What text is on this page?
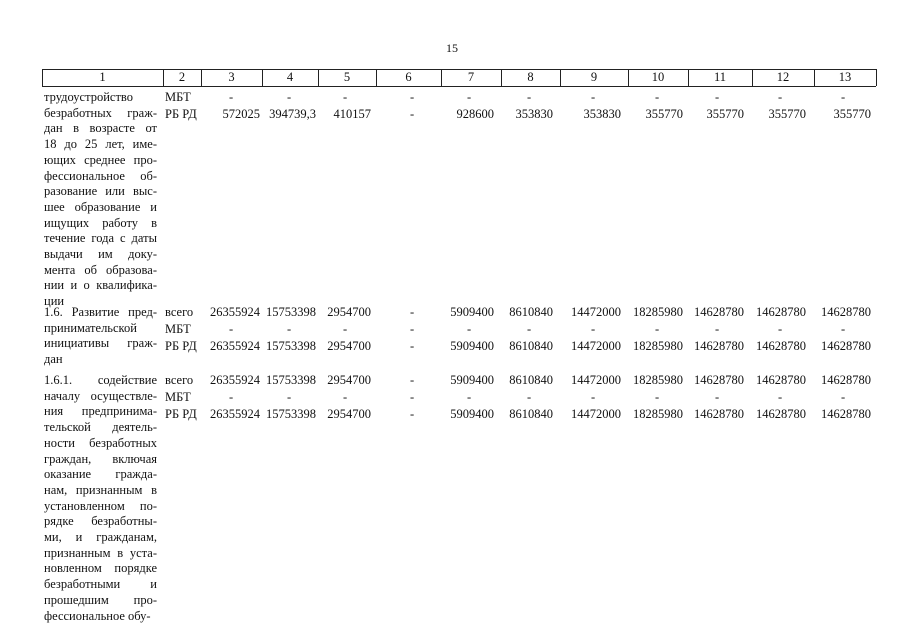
15
1	2	3	4	5	6	7	8	9	10	11	12	13
трудоустройство
безработных граж-
дан в возрасте от
18 до 25 лет, име-
ющих среднее про-
фессиональное об-
разование или выс-
шее образование и
ищущих работу в
течение года с даты
выдачи им доку-
мента об образова-
нии и о квалифика-
ции
МБТ	-	-	-	-	-	-	-	-	-	-	-
РБ РД 572025 394739,3 410157	-	928600 353830 353830 355770 355770 355770 355770
1.6. Развитие пред-
принимательской
инициативы граж-
дан
всего 26355924 15753398 2954700	-	5909400 8610840 14472000 18285980 14628780 14628780 14628780
МБТ	-	-	-	-	-	-	-	-	-	-	-
РБ РД 26355924 15753398 2954700	-	5909400 8610840 14472000 18285980 14628780 14628780 14628780
1.6.1. содействие
началу осуществле-
ния предпринима-
тельской деятель-
ности безработных
граждан, включая
оказание гражда-
нам, признанным в
установленном по-
рядке безработны-
ми, и гражданам,
признанным в уста-
новленном порядке
безработными и
прошедшим про-
фессиональное обу-
всего 26355924 15753398 2954700	-	5909400 8610840 14472000 18285980 14628780 14628780 14628780
МБТ	-	-	-	-	-	-	-	-	-	-	-
РБ РД 26355924 15753398 2954700	-	5909400 8610840 14472000 18285980 14628780 14628780 14628780
